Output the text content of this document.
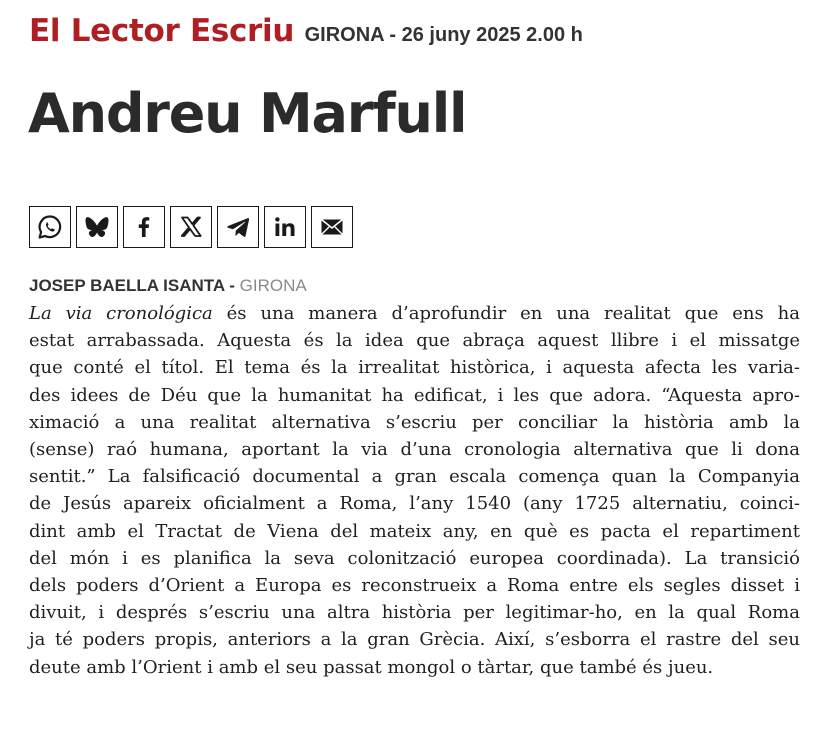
El Lector Escriu GIRONA - 26 juny 2025 2.00 h
Andreu Marfull
JOSEP BAELLA ISANTA - GIRONA
La via cronológica és una manera d’aprofundir en una realitat que ens ha
estat arrabassada. Aquesta és la idea que abraça aquest llibre i el missatge
que conté el títol. El tema és la irrealitat històrica, i aquesta afecta les varia-
des idees de Déu que la humanitat ha edificat, i les que adora. “Aquesta apro-
ximació a una realitat alternativa s’escriu per conciliar la història amb la
(sense) raó humana, aportant la via d’una cronologia alternativa que li dona
sentit.” La falsificació documental a gran escala comença quan la Companyia
de Jesús apareix oficialment a Roma, l’any 1540 (any 1725 alternatiu, coinci-
dint amb el Tractat de Viena del mateix any, en què es pacta el repartiment
del món i es planifica la seva colonització europea coordinada). La transició
dels poders d’Orient a Europa es reconstrueix a Roma entre els segles disset i
divuit, i després s’escriu una altra història per legitimar-ho, en la qual Roma
ja té poders propis, anteriors a la gran Grècia. Així, s’esborra el rastre del seu
deute amb l’Orient i amb el seu passat mongol o tàrtar, que també és jueu.
